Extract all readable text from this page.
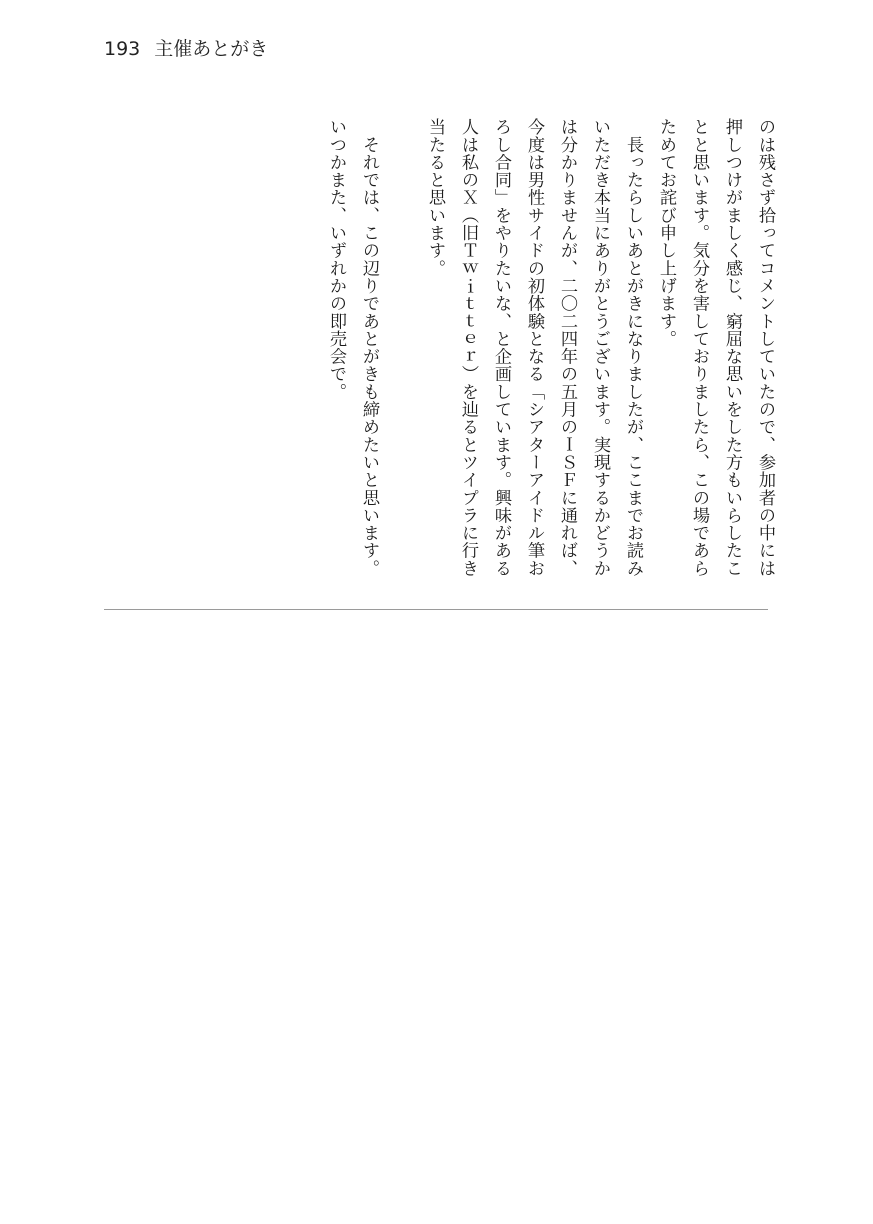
193 主催あとがき
のは残さず拾ってコメントしていたので、参加者の中には
押しつけがましく感じ、窮屈な思いをした方もいらしたこ
とと思います。気分を害しておりましたら、この場であら
ためてお詫び申し上げます。
　長ったらしいあとがきになりましたが、ここまでお読み
いただき本当にありがとうございます。実現するかどうか
は分かりませんが、二〇二四年の五月のＩＳＦに通れば、
今度は男性サイドの初体験となる「シアターアイドル筆お
ろし合同」をやりたいな、と企画しています。興味がある
人は私のＸ（旧Ｔｗｉｔｔｅｒ）を辿るとツイプラに行き
当たると思います。
　それでは、この辺りであとがきも締めたいと思います。
いつかまた、いずれかの即売会で。
